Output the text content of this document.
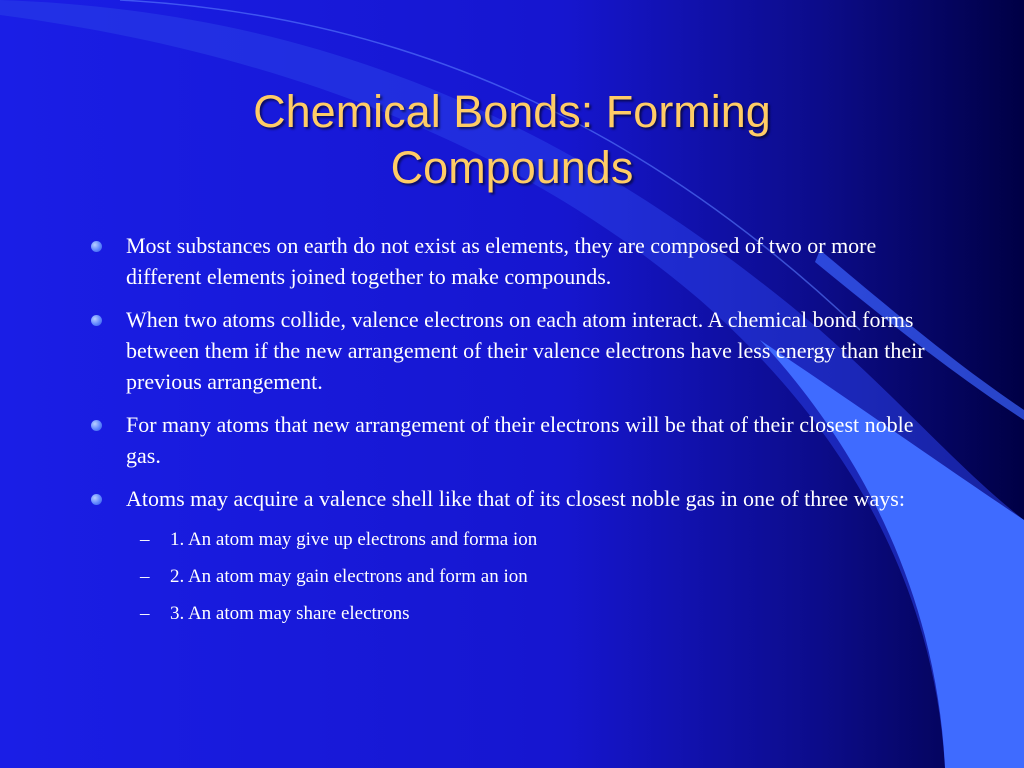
Chemical Bonds: Forming Compounds
Most substances on earth do not exist as elements, they are composed of two or more different elements joined together to make compounds.
When two atoms collide, valence electrons on each atom interact. A chemical bond forms between them if the new arrangement of their valence electrons have less energy than their previous arrangement.
For many atoms that new arrangement of their electrons will be that of their closest noble gas.
Atoms may acquire a valence shell like that of its closest noble gas in one of three ways:
– 1. An atom may give up electrons and forma ion
– 2. An atom may gain electrons and form an ion
– 3. An atom may share electrons
